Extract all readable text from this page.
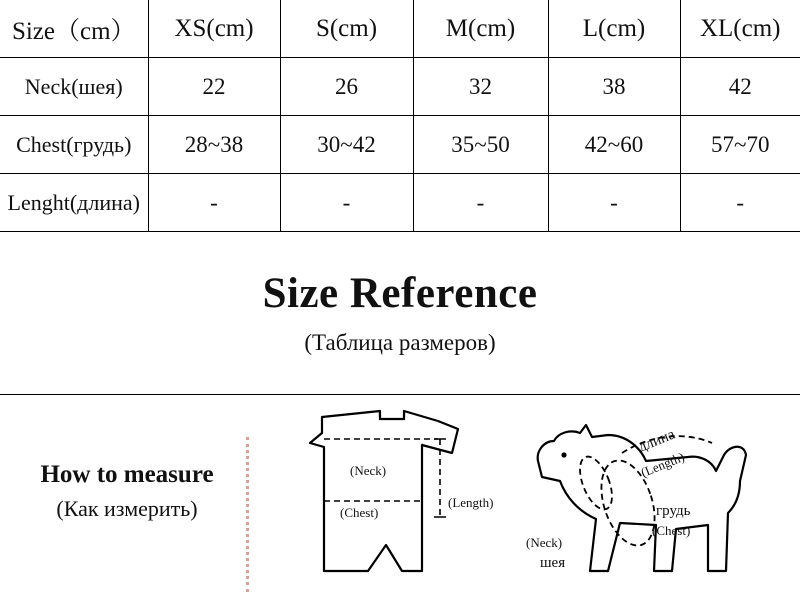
Size（cm）	XS(cm)	S(cm)	M(cm)	L(cm)	XL(cm)
Neck(шея)	22	26	32	38	42
Chest(грудь)	28~38	30~42	35~50	42~60	57~70
Lenght(длина)	-	-	-	-	-
Size Reference
(Таблица размеров)
How to measure
(Как измерить)
(Neck)
(Chest)
(Length)
длина
(Length)
грудь
(Chest)
(Neck)
шея
